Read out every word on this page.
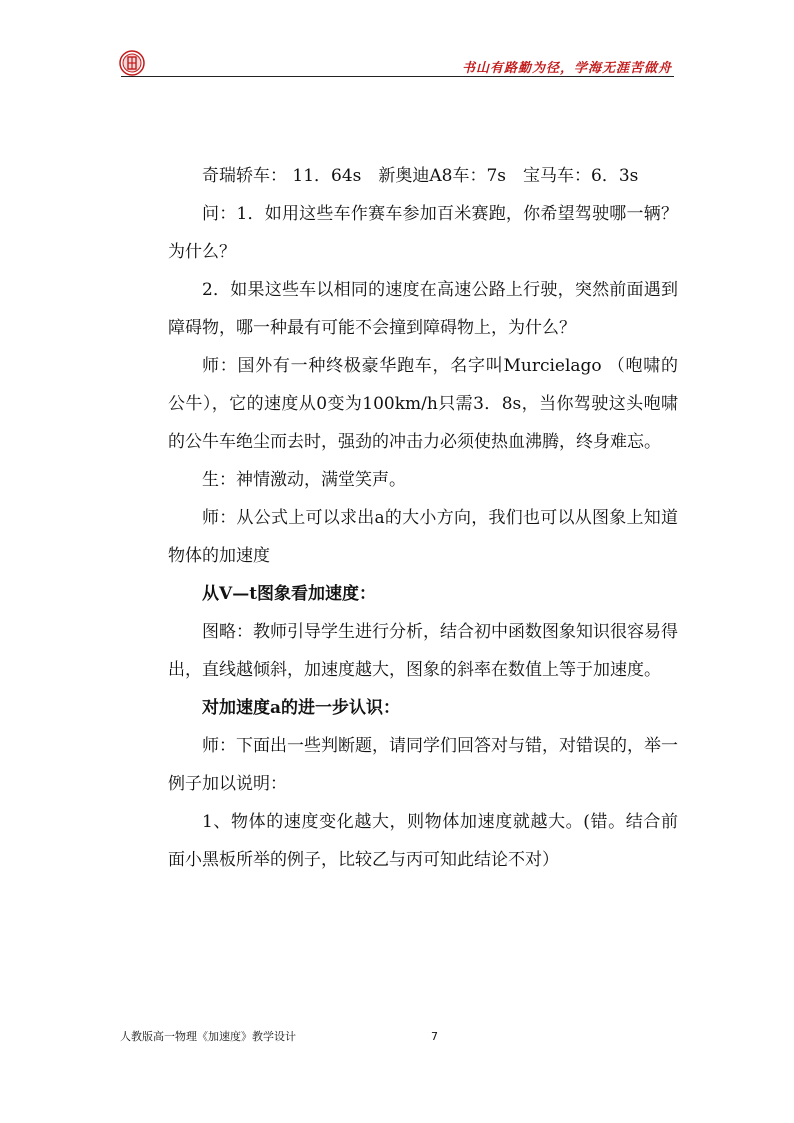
书山有路勤为径，学海无涯苦做舟

奇瑞轿车： 11．64s　新奥迪A8车：7s　宝马车：6．3s

问：1．如用这些车作赛车参加百米赛跑，你希望驾驶哪一辆？为什么？

2．如果这些车以相同的速度在高速公路上行驶，突然前面遇到障碍物，哪一种最有可能不会撞到障碍物上，为什么？

师：国外有一种终极豪华跑车，名字叫Murcielago （咆啸的公牛），它的速度从0变为100km/h只需3．8s，当你驾驶这头咆啸的公牛车绝尘而去时，强劲的冲击力必须使热血沸腾，终身难忘。

生：神情激动，满堂笑声。

师：从公式上可以求出a的大小方向，我们也可以从图象上知道物体的加速度

从V—t图象看加速度：

图略：教师引导学生进行分析，结合初中函数图象知识很容易得出，直线越倾斜，加速度越大，图象的斜率在数值上等于加速度。

对加速度a的进一步认识：

师：下面出一些判断题，请同学们回答对与错，对错误的，举一例子加以说明：

1、物体的速度变化越大，则物体加速度就越大。(错。结合前面小黑板所举的例子，比较乙与丙可知此结论不对）

人教版高一物理《加速度》教学设计	7
